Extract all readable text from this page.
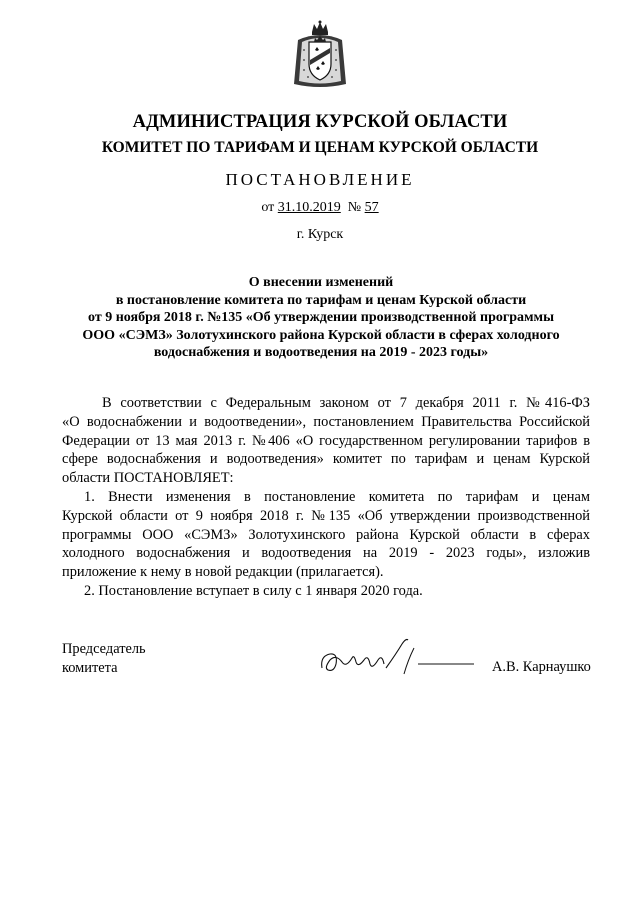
АДМИНИСТРАЦИЯ КУРСКОЙ ОБЛАСТИ
КОМИТЕТ ПО ТАРИФАМ И ЦЕНАМ КУРСКОЙ ОБЛАСТИ
ПОСТАНОВЛЕНИЕ
от 31.10.2019 № 57
г. Курск
О внесении изменений
в постановление комитета по тарифам и ценам Курской области
от 9 ноября 2018 г. №135 «Об утверждении производственной программы
ООО «СЭМЗ» Золотухинского района Курской области в сферах холодного
водоснабжения и водоотведения на 2019 - 2023 годы»
В соответствии с Федеральным законом от 7 декабря 2011 г. №416-ФЗ
«О водоснабжении и водоотведении», постановлением Правительства Российской
Федерации от 13 мая 2013 г. №406 «О государственном регулировании тарифов в
сфере водоснабжения и водоотведения» комитет по тарифам и ценам Курской
области ПОСТАНОВЛЯЕТ:
1. Внести изменения в постановление комитета по тарифам и ценам
Курской области от 9 ноября 2018 г. №135 «Об утверждении производственной
программы ООО «СЭМЗ» Золотухинского района Курской области в сферах
холодного водоснабжения и водоотведения на 2019 - 2023 годы», изложив
приложение к нему в новой редакции (прилагается).
2. Постановление вступает в силу с 1 января 2020 года.
Председатель
комитета	А.В. Карнаушко
